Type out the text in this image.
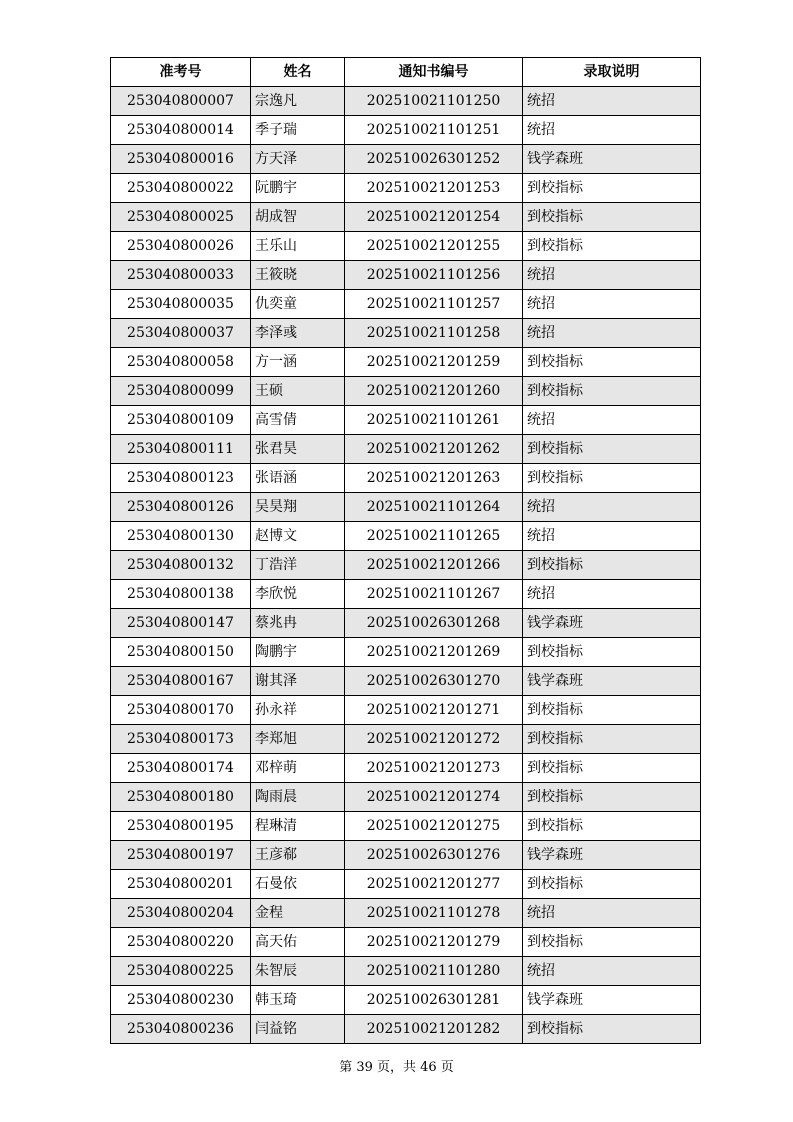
准考号	姓名	通知书编号	录取说明
253040800007	宗逸凡	202510021101250	统招
253040800014	季子瑞	202510021101251	统招
253040800016	方天泽	202510026301252	钱学森班
253040800022	阮鹏宇	202510021201253	到校指标
253040800025	胡成智	202510021201254	到校指标
253040800026	王乐山	202510021201255	到校指标
253040800033	王筱晓	202510021101256	统招
253040800035	仇奕童	202510021101257	统招
253040800037	李泽彧	202510021101258	统招
253040800058	方一涵	202510021201259	到校指标
253040800099	王硕	202510021201260	到校指标
253040800109	高雪倩	202510021101261	统招
253040800111	张君昊	202510021201262	到校指标
253040800123	张语涵	202510021201263	到校指标
253040800126	吴昊翔	202510021101264	统招
253040800130	赵博文	202510021101265	统招
253040800132	丁浩洋	202510021201266	到校指标
253040800138	李欣悦	202510021101267	统招
253040800147	蔡兆冉	202510026301268	钱学森班
253040800150	陶鹏宇	202510021201269	到校指标
253040800167	谢其泽	202510026301270	钱学森班
253040800170	孙永祥	202510021201271	到校指标
253040800173	李郑旭	202510021201272	到校指标
253040800174	邓梓萌	202510021201273	到校指标
253040800180	陶雨晨	202510021201274	到校指标
253040800195	程琳清	202510021201275	到校指标
253040800197	王彦郗	202510026301276	钱学森班
253040800201	石曼依	202510021201277	到校指标
253040800204	金程	202510021101278	统招
253040800220	高天佑	202510021201279	到校指标
253040800225	朱智辰	202510021101280	统招
253040800230	韩玉琦	202510026301281	钱学森班
253040800236	闫益铭	202510021201282	到校指标
第 39 页，共 46 页
